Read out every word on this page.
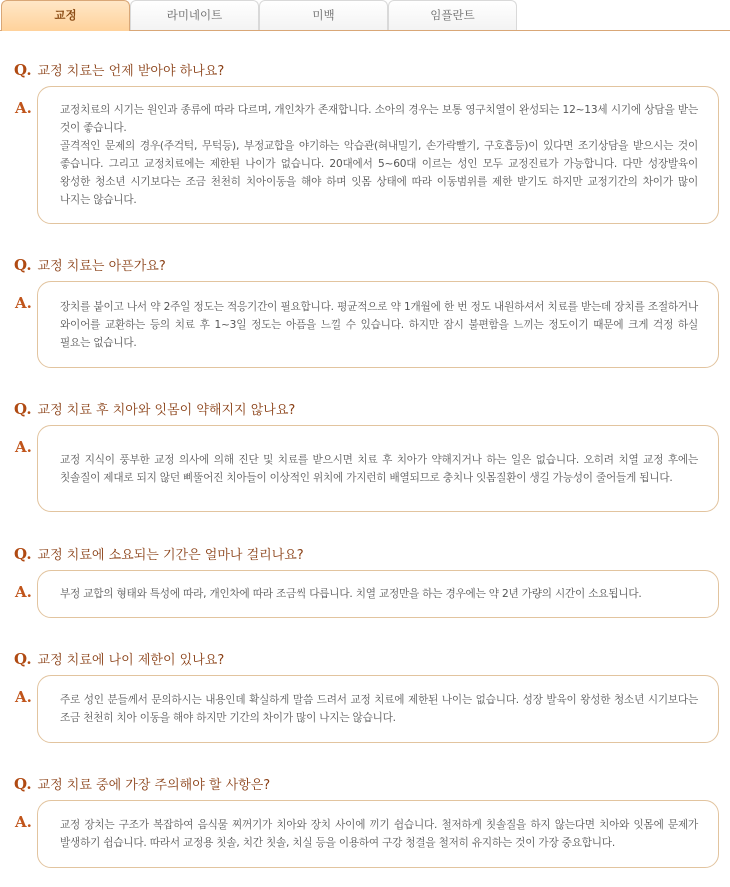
교정	라미네이트	미백	임플란트
Q. 교정 치료는 언제 받아야 하나요?
A.	교정치료의 시기는 원인과 종류에 따라 다르며, 개인차가 존재합니다. 소아의 경우는 보통 영구치열이 완성되는 12~13세 시기에 상담을 받는 것이 좋습니다.
골격적인 문제의 경우(주걱턱, 무턱등), 부정교합을 야기하는 악습관(혀내밀기, 손가락빨기, 구호흡등)이 있다면 조기상담을 받으시는 것이 좋습니다. 그리고 교정치료에는 제한된 나이가 없습니다. 20대에서 5~60대 이르는 성인 모두 교정진료가 가능합니다. 다만 성장발육이 왕성한 청소년 시기보다는 조금 천천히 치아이동을 해야 하며 잇몸 상태에 따라 이동범위를 제한 받기도 하지만 교정기간의 차이가 많이 나지는 않습니다.
Q. 교정 치료는 아픈가요?
A.	장치를 붙이고 나서 약 2주일 정도는 적응기간이 필요합니다. 평균적으로 약 1개월에 한 번 정도 내원하셔서 치료를 받는데 장치를 조절하거나 와이어를 교환하는 등의 치료 후 1~3일 정도는 아픔을 느낄 수 있습니다. 하지만 잠시 불편함을 느끼는 정도이기 때문에 크게 걱정 하실 필요는 없습니다.
Q. 교정 치료 후 치아와 잇몸이 약해지지 않나요?
A.
교정 지식이 풍부한 교정 의사에 의해 진단 및 치료를 받으시면 치료 후 치아가 약해지거나 하는 일은 없습니다. 오히려 치열 교정 후에는 칫솔질이 제대로 되지 않던 삐뚤어진 치아들이 이상적인 위치에 가지런히 배열되므로 충치나 잇몸질환이 생길 가능성이 줄어들게 됩니다.
Q. 교정 치료에 소요되는 기간은 얼마나 걸리나요?
A.	부정 교합의 형태와 특성에 따라, 개인차에 따라 조금씩 다릅니다. 치열 교정만을 하는 경우에는 약 2년 가량의 시간이 소요됩니다.
Q. 교정 치료에 나이 제한이 있나요?
A.	주로 성인 분들께서 문의하시는 내용인데 확실하게 말씀 드려서 교정 치료에 제한된 나이는 없습니다. 성장 발육이 왕성한 청소년 시기보다는 조금 천천히 치아 이동을 해야 하지만 기간의 차이가 많이 나지는 않습니다.
Q. 교정 치료 중에 가장 주의해야 할 사항은?
A.	교정 장치는 구조가 복잡하여 음식물 찌꺼기가 치아와 장치 사이에 끼기 쉽습니다. 철저하게 칫솔질을 하지 않는다면 치아와 잇몸에 문제가 발생하기 쉽습니다. 따라서 교정용 칫솔, 치간 칫솔, 치실 등을 이용하여 구강 청결을 철저히 유지하는 것이 가장 중요합니다.
